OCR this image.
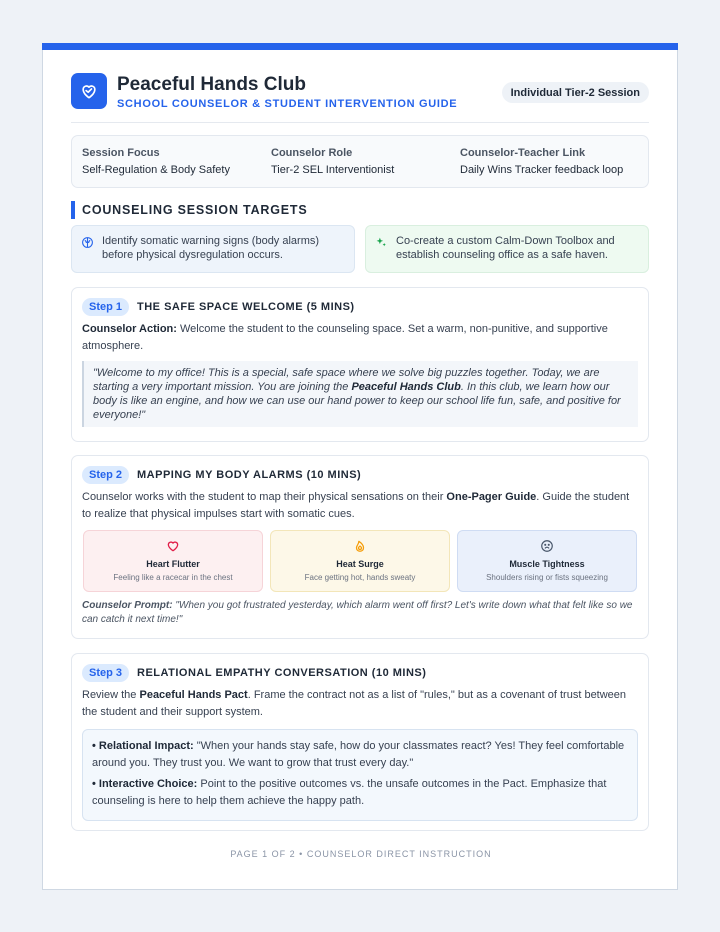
Peaceful Hands Club
SCHOOL COUNSELOR & STUDENT INTERVENTION GUIDE
Individual Tier-2 Session
Session Focus
Self-Regulation & Body Safety
Counselor Role
Tier-2 SEL Interventionist
Counselor-Teacher Link
Daily Wins Tracker feedback loop
COUNSELING SESSION TARGETS
Identify somatic warning signs (body alarms) before physical dysregulation occurs.
Co-create a custom Calm-Down Toolbox and establish counseling office as a safe haven.
Step 1	THE SAFE SPACE WELCOME (5 MINS)
Counselor Action: Welcome the student to the counseling space. Set a warm, non-punitive, and supportive atmosphere.
"Welcome to my office! This is a special, safe space where we solve big puzzles together. Today, we are starting a very important mission. You are joining the Peaceful Hands Club. In this club, we learn how our body is like an engine, and how we can use our hand power to keep our school life fun, safe, and positive for everyone!"
Step 2	MAPPING MY BODY ALARMS (10 MINS)
Counselor works with the student to map their physical sensations on their One-Pager Guide. Guide the student to realize that physical impulses start with somatic cues.
Heart Flutter
Feeling like a racecar in the chest
Heat Surge
Face getting hot, hands sweaty
Muscle Tightness
Shoulders rising or fists squeezing
Counselor Prompt: "When you got frustrated yesterday, which alarm went off first? Let's write down what that felt like so we can catch it next time!"
Step 3	RELATIONAL EMPATHY CONVERSATION (10 MINS)
Review the Peaceful Hands Pact. Frame the contract not as a list of "rules," but as a covenant of trust between the student and their support system.

• Relational Impact: "When your hands stay safe, how do your classmates react? Yes! They feel comfortable around you. They trust you. We want to grow that trust every day."

• Interactive Choice: Point to the positive outcomes vs. the unsafe outcomes in the Pact. Emphasize that counseling is here to help them achieve the happy path.

PAGE 1 OF 2 • COUNSELOR DIRECT INSTRUCTION
